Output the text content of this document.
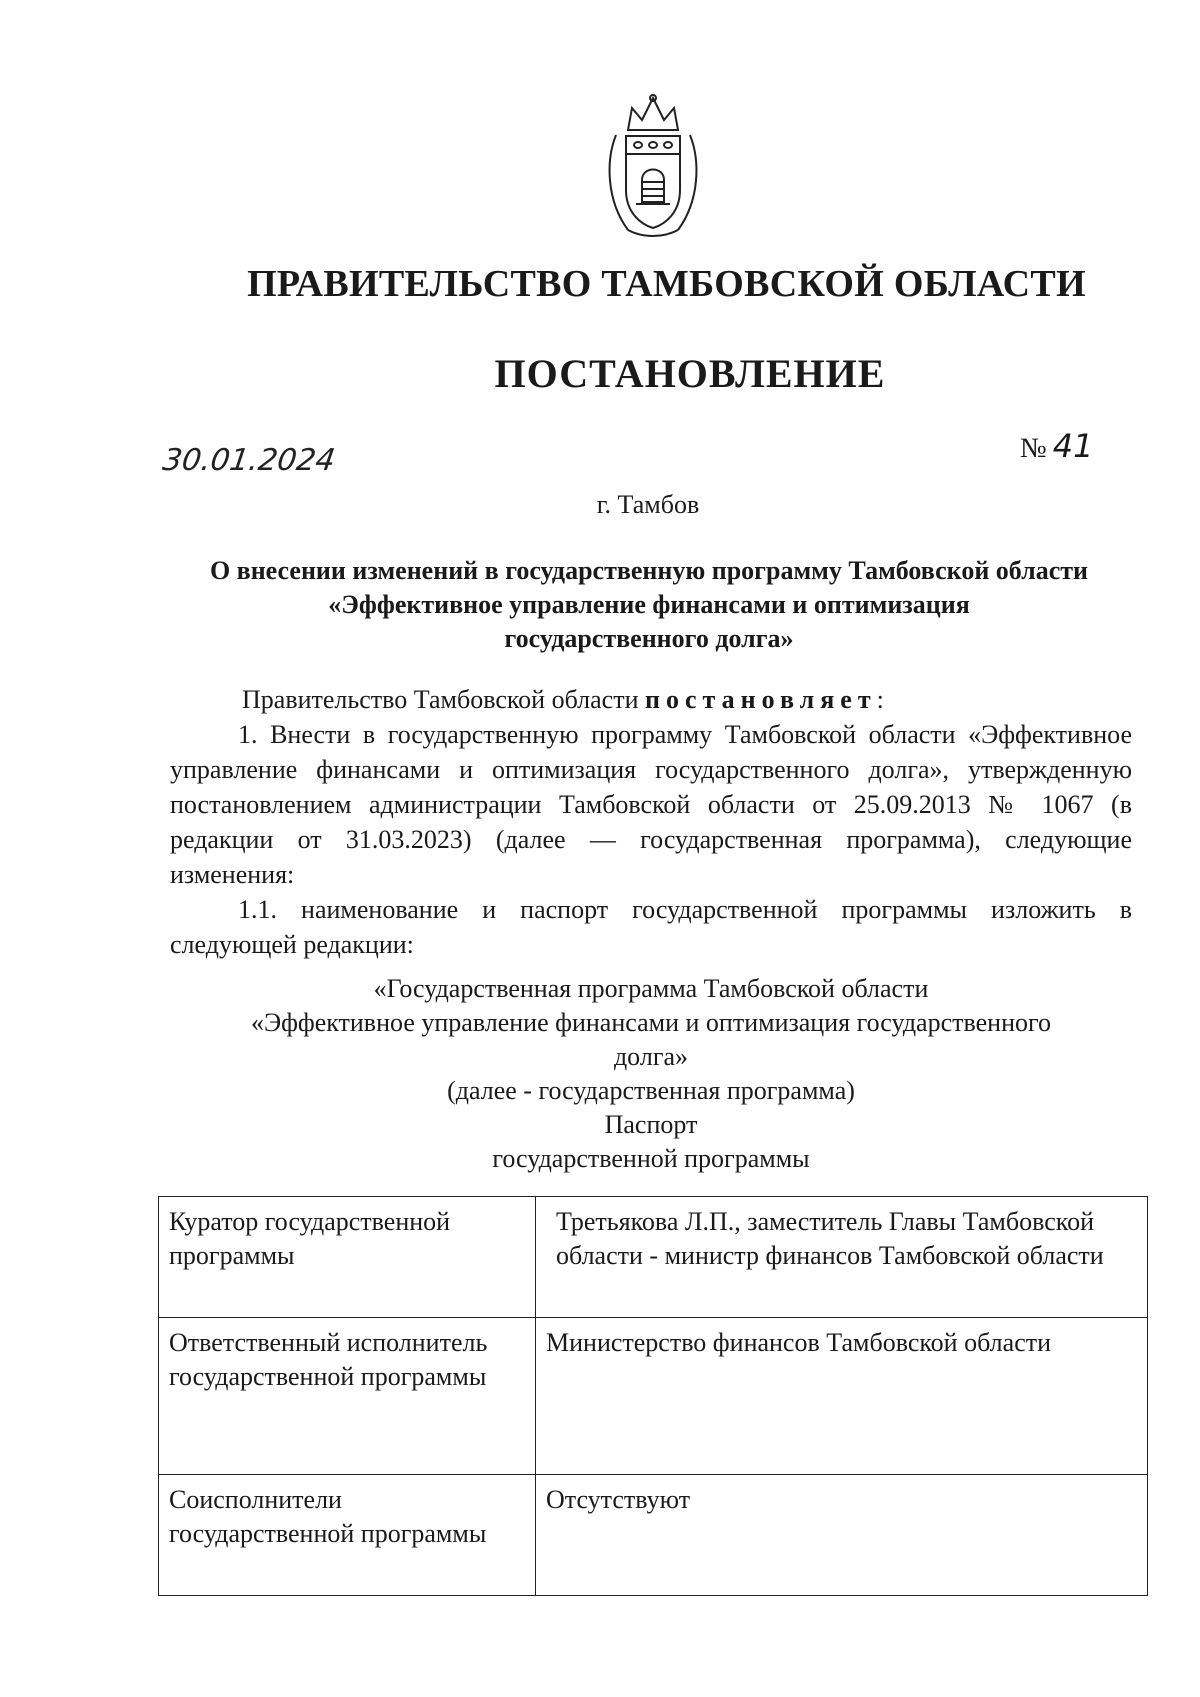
ПРАВИТЕЛЬСТВО ТАМБОВСКОЙ ОБЛАСТИ
ПОСТАНОВЛЕНИЕ
30.01.2024	№ 41
г. Тамбов
О внесении изменений в государственную программу Тамбовской области
«Эффективное управление финансами и оптимизация
государственного долга»

Правительство Тамбовской области постановляет:

1. Внести в государственную программу Тамбовской области «Эффективное управление финансами и оптимизация государственного долга», утвержденную постановлением администрации Тамбовской области от 25.09.2013 № 1067 (в редакции от 31.03.2023) (далее — государственная программа), следующие изменения:

1.1. наименование и паспорт государственной программы изложить в следующей редакции:

«Государственная программа Тамбовской области
«Эффективное управление финансами и оптимизация государственного
долга»
(далее - государственная программа)
Паспорт
государственной программы
Куратор государственной программы	Третьякова Л.П., заместитель Главы Тамбовской области - министр финансов Тамбовской области
Ответственный исполнитель государственной программы	Министерство финансов Тамбовской области
Соисполнители государственной программы	Отсутствуют
